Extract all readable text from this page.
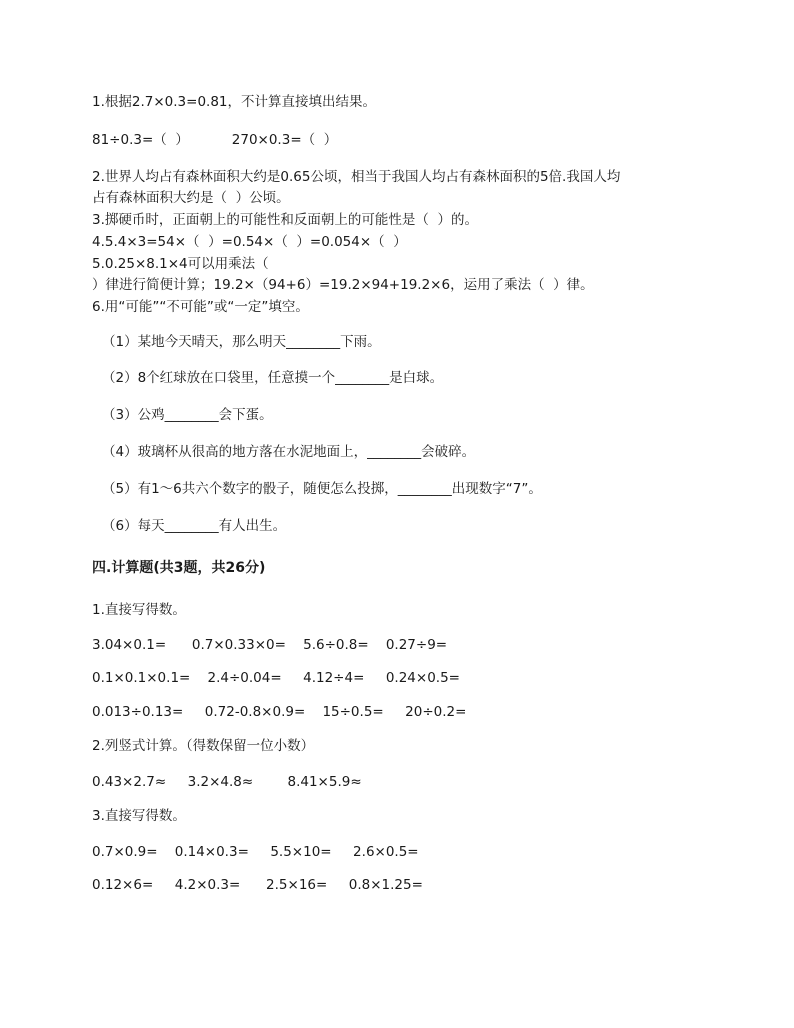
1.根据2.7×0.3=0.81，不计算直接填出结果。
81÷0.3=（  ）          270×0.3=（  ）
2.世界人均占有森林面积大约是0.65公顷，相当于我国人均占有森林面积的5倍.我国人均
占有森林面积大约是（  ）公顷。
3.掷硬币时，正面朝上的可能性和反面朝上的可能性是（  ）的。
4.5.4×3=54×（  ）=0.54×（  ）=0.054×（  ）
5.0.25×8.1×4可以用乘法（
）律进行简便计算；19.2×（94+6）=19.2×94+19.2×6，运用了乘法（  ）律。
6.用“可能”“不可能”或“一定”填空。
（1）某地今天晴天，那么明天________下雨。
（2）8个红球放在口袋里，任意摸一个________是白球。
（3）公鸡________会下蛋。
（4）玻璃杯从很高的地方落在水泥地面上，________会破碎。
（5）有1～6共六个数字的骰子，随便怎么投掷，________出现数字“7”。
（6）每天________有人出生。
四.计算题(共3题，共26分)
1.直接写得数。
3.04×0.1=      0.7×0.33×0=    5.6÷0.8=    0.27÷9=
0.1×0.1×0.1=    2.4÷0.04=     4.12÷4=     0.24×0.5=
0.013÷0.13=     0.72-0.8×0.9=    15÷0.5=     20÷0.2=
2.列竖式计算。（得数保留一位小数）
0.43×2.7≈     3.2×4.8≈        8.41×5.9≈
3.直接写得数。
0.7×0.9=    0.14×0.3=     5.5×10=     2.6×0.5=
0.12×6=     4.2×0.3=      2.5×16=     0.8×1.25=
